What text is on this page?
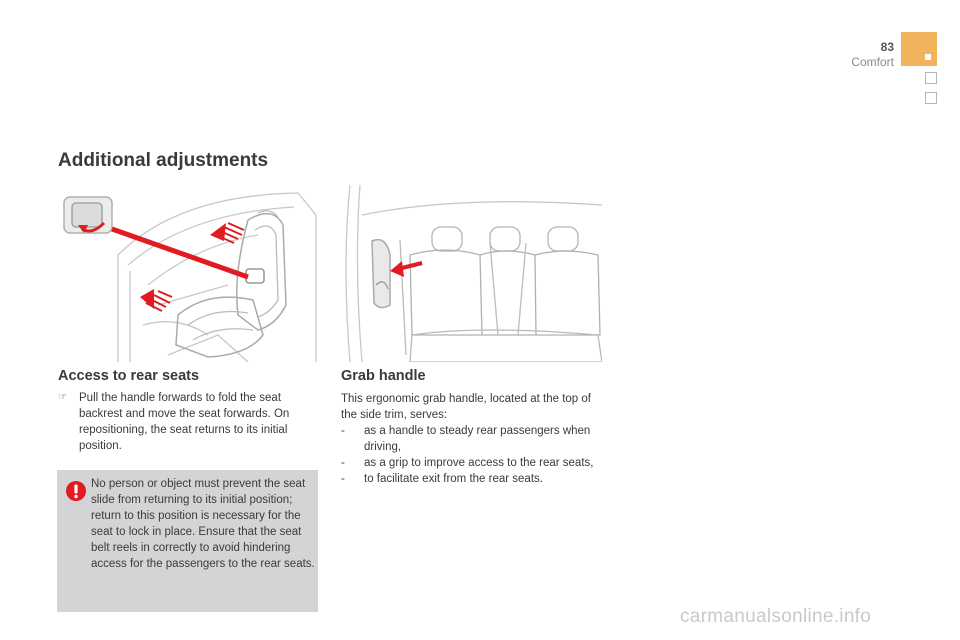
83
Comfort
Additional adjustments
Access to rear seats
☞ Pull the handle forwards to fold the seat backrest and move the seat forwards. On repositioning, the seat returns to its initial position.
No person or object must prevent the seat slide from returning to its initial position; return to this position is necessary for the seat to lock in place. Ensure that the seat belt reels in correctly to avoid hindering access for the passengers to the rear seats.
Grab handle
This ergonomic grab handle, located at the top of the side trim, serves:
- as a handle to steady rear passengers when driving,
- as a grip to improve access to the rear seats,
- to facilitate exit from the rear seats.
carmanualsonline.info
